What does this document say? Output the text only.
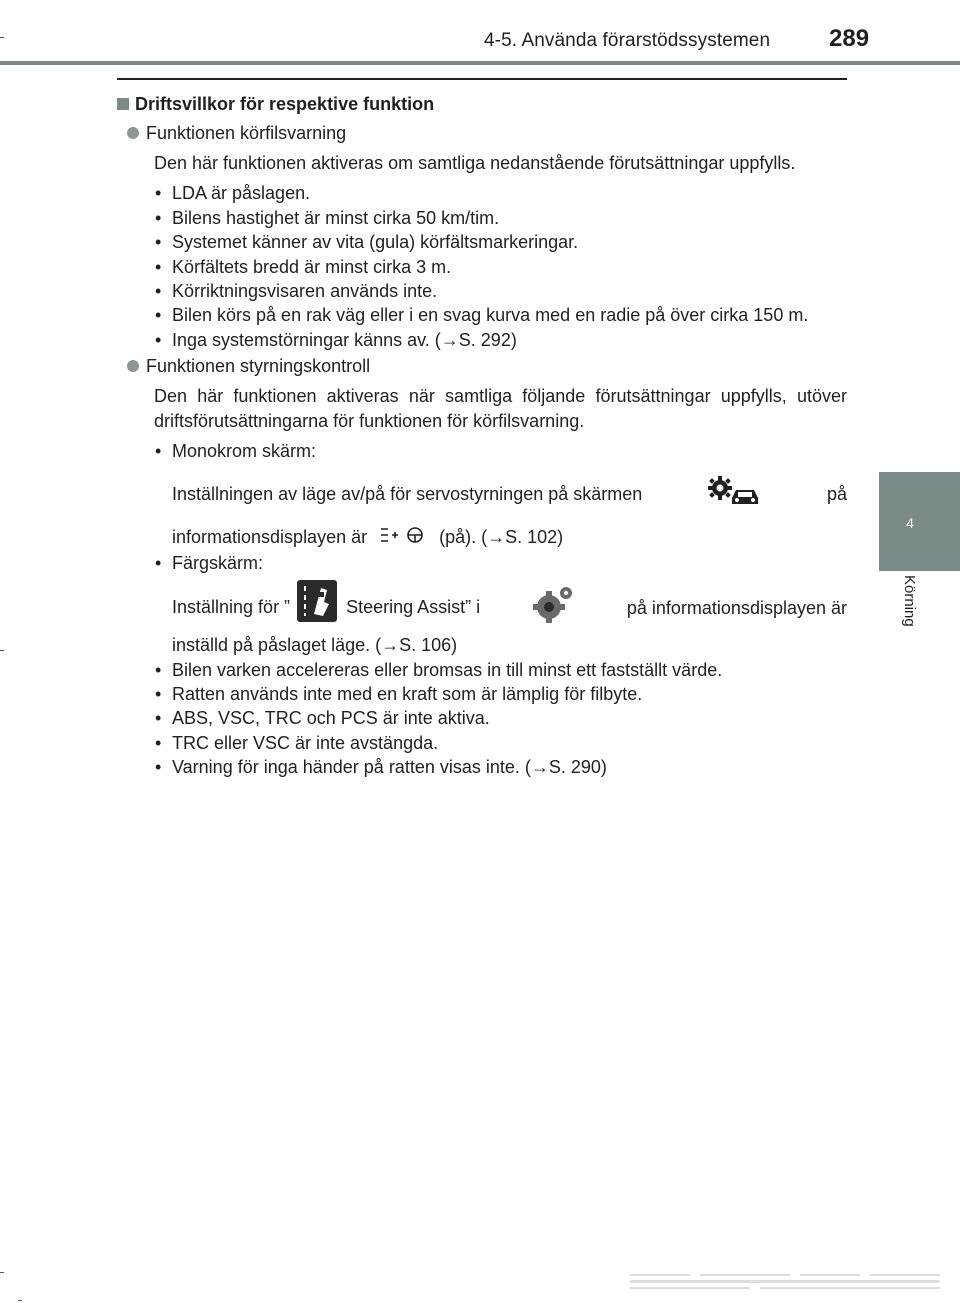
4-5. Använda förarstödssystemen 289
4
Körning
Driftsvillkor för respektive funktion
Funktionen körfilsvarning

Den här funktionen aktiveras om samtliga nedanstående förutsättningar uppfylls.

• LDA är påslagen.
• Bilens hastighet är minst cirka 50 km/tim.
• Systemet känner av vita (gula) körfältsmarkeringar.
• Körfältets bredd är minst cirka 3 m.
• Körriktningsvisaren används inte.
• Bilen körs på en rak väg eller i en svag kurva med en radie på över cirka 150 m.
• Inga systemstörningar känns av. (→S. 292)
Funktionen styrningskontroll

Den här funktionen aktiveras när samtliga följande förutsättningar uppfylls, utöver driftsförutsättningarna för funktionen för körfilsvarning.

• Monokrom skärm:
Inställningen av läge av/på för servostyrningen på skärmen	på
informationsdisplayen är	(på). (→S. 102)
• Färgskärm:
Inställning för ”	Steering Assist” i	på informationsdisplayen är
inställd på påslaget läge. (→S. 106)
• Bilen varken accelereras eller bromsas in till minst ett fastställt värde.
• Ratten används inte med en kraft som är lämplig för filbyte.
• ABS, VSC, TRC och PCS är inte aktiva.
• TRC eller VSC är inte avstängda.
• Varning för inga händer på ratten visas inte. (→S. 290)
